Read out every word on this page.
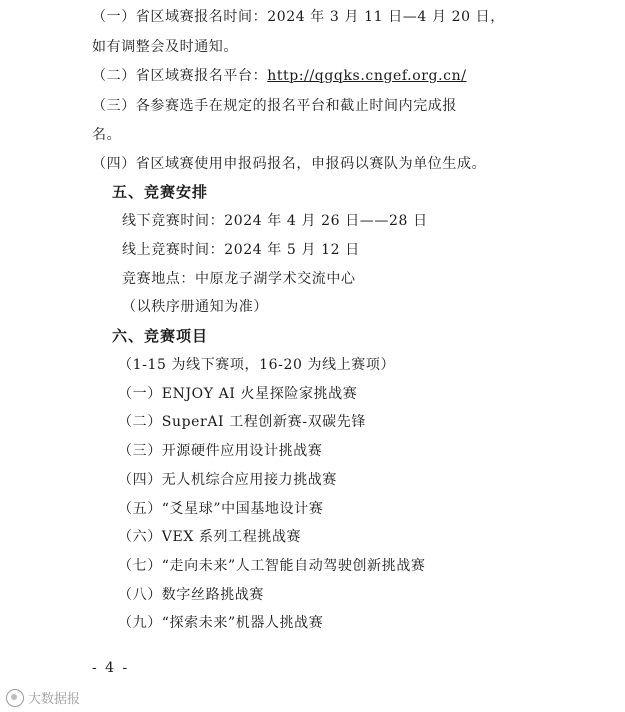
（一）省区域赛报名时间：2024 年 3 月 11 日—4 月 20 日，
如有调整会及时通知。
（二）省区域赛报名平台：http://qgqks.cngef.org.cn/
（三）各参赛选手在规定的报名平台和截止时间内完成报
名。
（四）省区域赛使用申报码报名，申报码以赛队为单位生成。
五、竞赛安排
线下竞赛时间：2024 年 4 月 26 日——28 日
线上竞赛时间：2024 年 5 月 12 日
竞赛地点：中原龙子湖学术交流中心
（以秩序册通知为准）
六、竞赛项目
（1-15 为线下赛项，16-20 为线上赛项）
（一）ENJOY AI 火星探险家挑战赛
（二）SuperAI 工程创新赛-双碳先锋
（三）开源硬件应用设计挑战赛
（四）无人机综合应用接力挑战赛
（五）“爻星球”中国基地设计赛
（六）VEX 系列工程挑战赛
（七）“走向未来”人工智能自动驾驶创新挑战赛
（八）数字丝路挑战赛
（九）“探索未来”机器人挑战赛
- 4 -
大数据报
